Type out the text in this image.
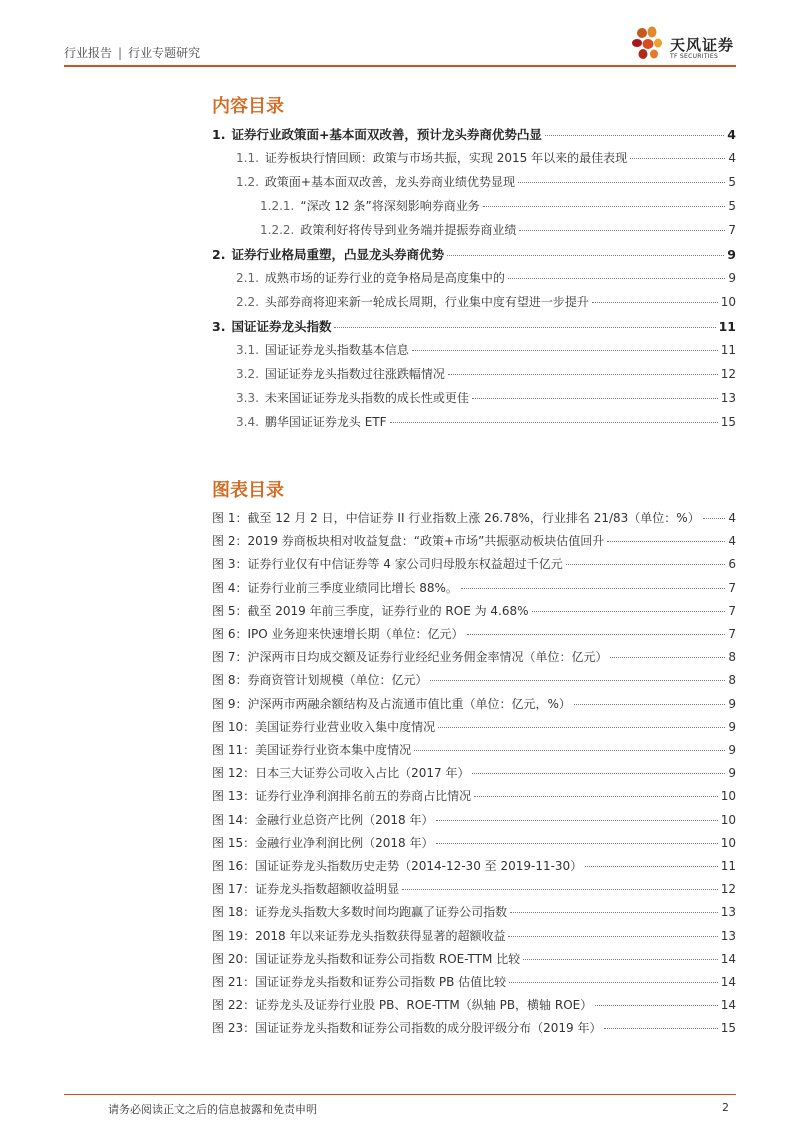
行业报告 | 行业专题研究	天风证券
TF SECURITIES
内容目录
1. 证券行业政策面+基本面双改善，预计龙头券商优势凸显	4
1.1. 证券板块行情回顾：政策与市场共振，实现 2015 年以来的最佳表现	4
1.2. 政策面+基本面双改善，龙头券商业绩优势显现	5
1.2.1. “深改 12 条”将深刻影响券商业务	5
1.2.2. 政策利好将传导到业务端并提振券商业绩	7
2. 证券行业格局重塑，凸显龙头券商优势	9
2.1. 成熟市场的证券行业的竞争格局是高度集中的	9
2.2. 头部券商将迎来新一轮成长周期，行业集中度有望进一步提升	10
3. 国证证券龙头指数	11
3.1. 国证证券龙头指数基本信息	11
3.2. 国证证券龙头指数过往涨跌幅情况	12
3.3. 未来国证证券龙头指数的成长性或更佳	13
3.4. 鹏华国证证券龙头 ETF	15
图表目录
图 1：截至 12 月 2 日，中信证券 II 行业指数上涨 26.78%，行业排名 21/83（单位：%） 4
图 2：2019 券商板块相对收益复盘：“政策+市场”共振驱动板块估值回升	4
图 3：证券行业仅有中信证券等 4 家公司归母股东权益超过千亿元	6
图 4：证券行业前三季度业绩同比增长 88%。	7
图 5：截至 2019 年前三季度，证券行业的 ROE 为 4.68%	7
图 6：IPO 业务迎来快速增长期（单位：亿元）	7
图 7：沪深两市日均成交额及证券行业经纪业务佣金率情况（单位：亿元）	8
图 8：券商资管计划规模（单位：亿元）	8
图 9：沪深两市两融余额结构及占流通市值比重（单位：亿元，%）	9
图 10：美国证券行业营业收入集中度情况	9
图 11：美国证券行业资本集中度情况	9
图 12：日本三大证券公司收入占比（2017 年）	9
图 13：证券行业净利润排名前五的券商占比情况	10
图 14：金融行业总资产比例（2018 年）	10
图 15：金融行业净利润比例（2018 年）	10
图 16：国证证券龙头指数历史走势（2014-12-30 至 2019-11-30）	11
图 17：证券龙头指数超额收益明显	12
图 18：证券龙头指数大多数时间均跑赢了证券公司指数	13
图 19：2018 年以来证券龙头指数获得显著的超额收益	13
图 20：国证证券龙头指数和证券公司指数 ROE-TTM 比较	14
图 21：国证证券龙头指数和证券公司指数 PB 估值比较	14
图 22：证券龙头及证券行业股 PB、ROE-TTM（纵轴 PB，横轴 ROE）	14
图 23：国证证券龙头指数和证券公司指数的成分股评级分布（2019 年）	15
请务必阅读正文之后的信息披露和免责申明	2
